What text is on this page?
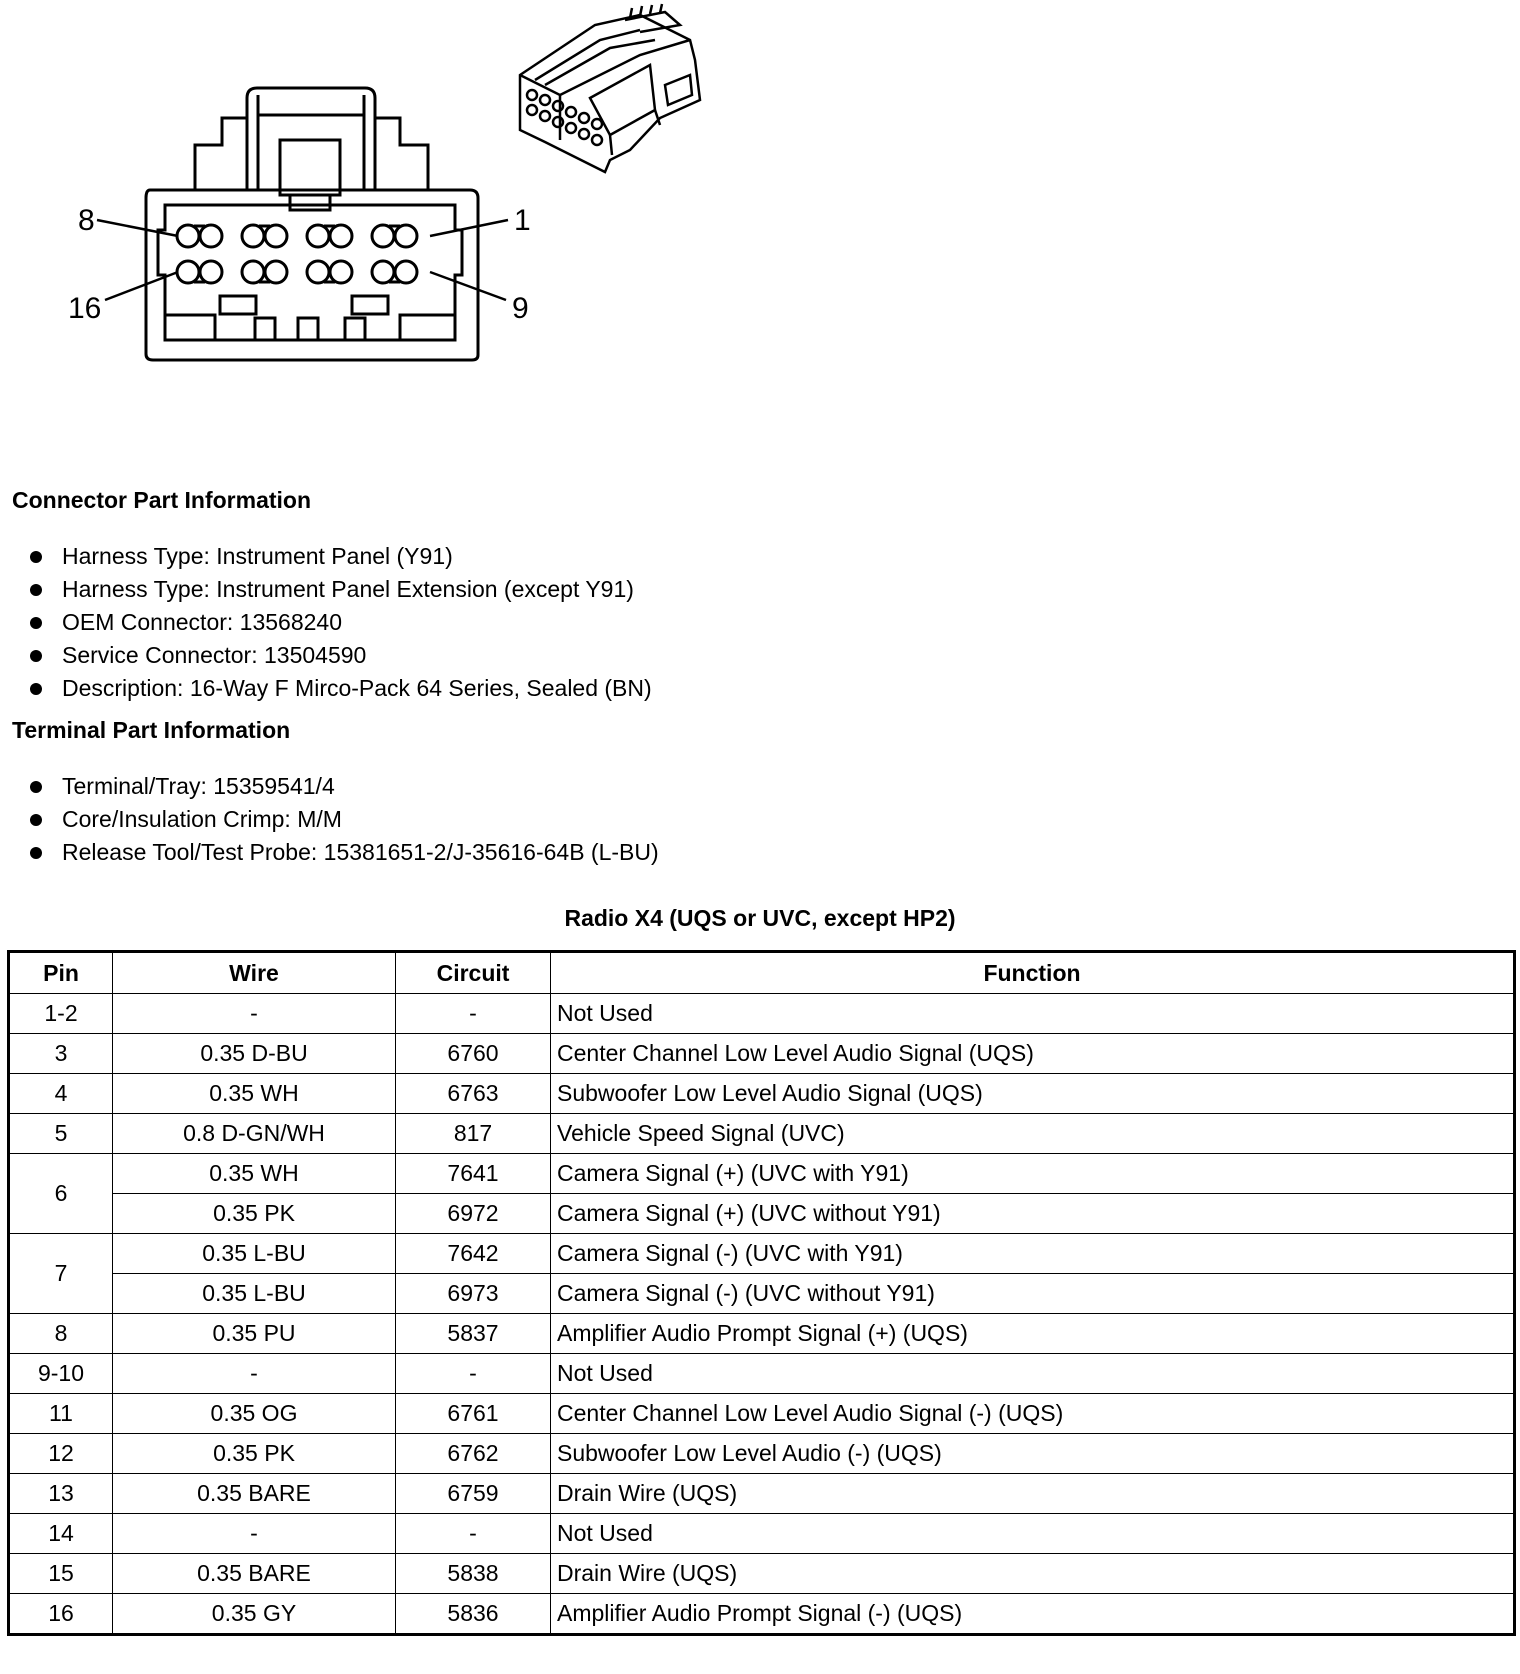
8	1
16	9
Connector Part Information
Harness Type: Instrument Panel (Y91)
Harness Type: Instrument Panel Extension (except Y91)
OEM Connector: 13568240
Service Connector: 13504590
Description: 16-Way F Mirco-Pack 64 Series, Sealed (BN)
Terminal Part Information
Terminal/Tray: 15359541/4
Core/Insulation Crimp: M/M
Release Tool/Test Probe: 15381651-2/J-35616-64B (L-BU)
Radio X4 (UQS or UVC, except HP2)
Pin	Wire	Circuit	Function
1-2	-	-	Not Used
3	0.35 D-BU	6760	Center Channel Low Level Audio Signal (UQS)
4	0.35 WH	6763	Subwoofer Low Level Audio Signal (UQS)
5	0.8 D-GN/WH	817	Vehicle Speed Signal (UVC)
6	0.35 WH	7641	Camera Signal (+) (UVC with Y91)
	0.35 PK	6972	Camera Signal (+) (UVC without Y91)
7	0.35 L-BU	7642	Camera Signal (-) (UVC with Y91)
	0.35 L-BU	6973	Camera Signal (-) (UVC without Y91)
8	0.35 PU	5837	Amplifier Audio Prompt Signal (+) (UQS)
9-10	-	-	Not Used
11	0.35 OG	6761	Center Channel Low Level Audio Signal (-) (UQS)
12	0.35 PK	6762	Subwoofer Low Level Audio (-) (UQS)
13	0.35 BARE	6759	Drain Wire (UQS)
14	-	-	Not Used
15	0.35 BARE	5838	Drain Wire (UQS)
16	0.35 GY	5836	Amplifier Audio Prompt Signal (-) (UQS)
